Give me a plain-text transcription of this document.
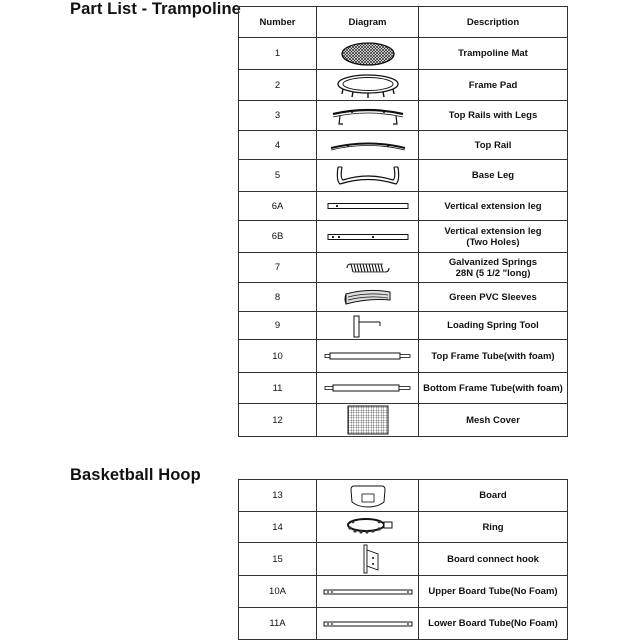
Part List - Trampoline
Number	Diagram	Description
1		Trampoline Mat
2		Frame Pad
3		Top Rails with Legs
4		Top Rail
5		Base Leg
6A		Vertical extension leg
6B		Vertical extension leg
(Two Holes)

7		Galvanized Springs
28N (5 1/2 "long)

8		Green PVC Sleeves
9		Loading Spring Tool
10		Top Frame Tube(with foam)
11		Bottom Frame Tube(with foam)
12		Mesh Cover
Basketball Hoop
13		Board
14		Ring
15		Board connect hook
10A		Upper Board Tube(No Foam)
11A		Lower Board Tube(No Foam)
